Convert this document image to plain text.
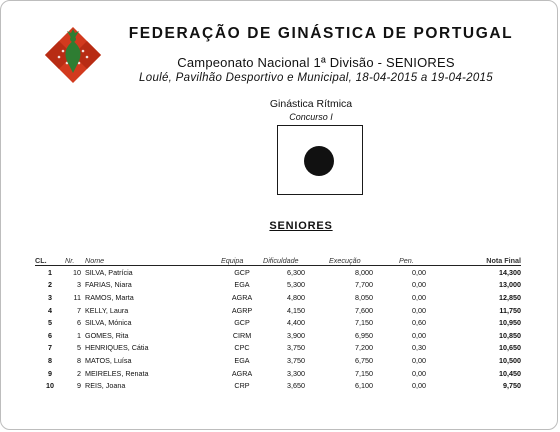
FEDERAÇÃO DE GINÁSTICA DE PORTUGAL
Campeonato Nacional 1ª Divisão - SENIORES
Loulé, Pavilhão Desportivo e Municipal, 18-04-2015 a 19-04-2015
Ginástica Rítmica
Concurso I
SENIORES
CL.	Nr.	Nome	Equipa	Dificuldade	Execução	Pen.	Nota Final
1	10	SILVA, Patrícia	GCP	6,300	8,000	0,00	14,300
2	3	FARIAS, Niara	EGA	5,300	7,700	0,00	13,000
3	11	RAMOS, Marta	AGRA	4,800	8,050	0,00	12,850
4	7	KELLY, Laura	AGRP	4,150	7,600	0,00	11,750
5	6	SILVA, Mónica	GCP	4,400	7,150	0,60	10,950
6	1	GOMES, Rita	CIRM	3,900	6,950	0,00	10,850
7	5	HENRIQUES, Cátia	CPC	3,750	7,200	0,30	10,650
8	8	MATOS, Luísa	EGA	3,750	6,750	0,00	10,500
9	2	MEIRELES, Renata	AGRA	3,300	7,150	0,00	10,450
10	9	REIS, Joana	CRP	3,650	6,100	0,00	9,750
